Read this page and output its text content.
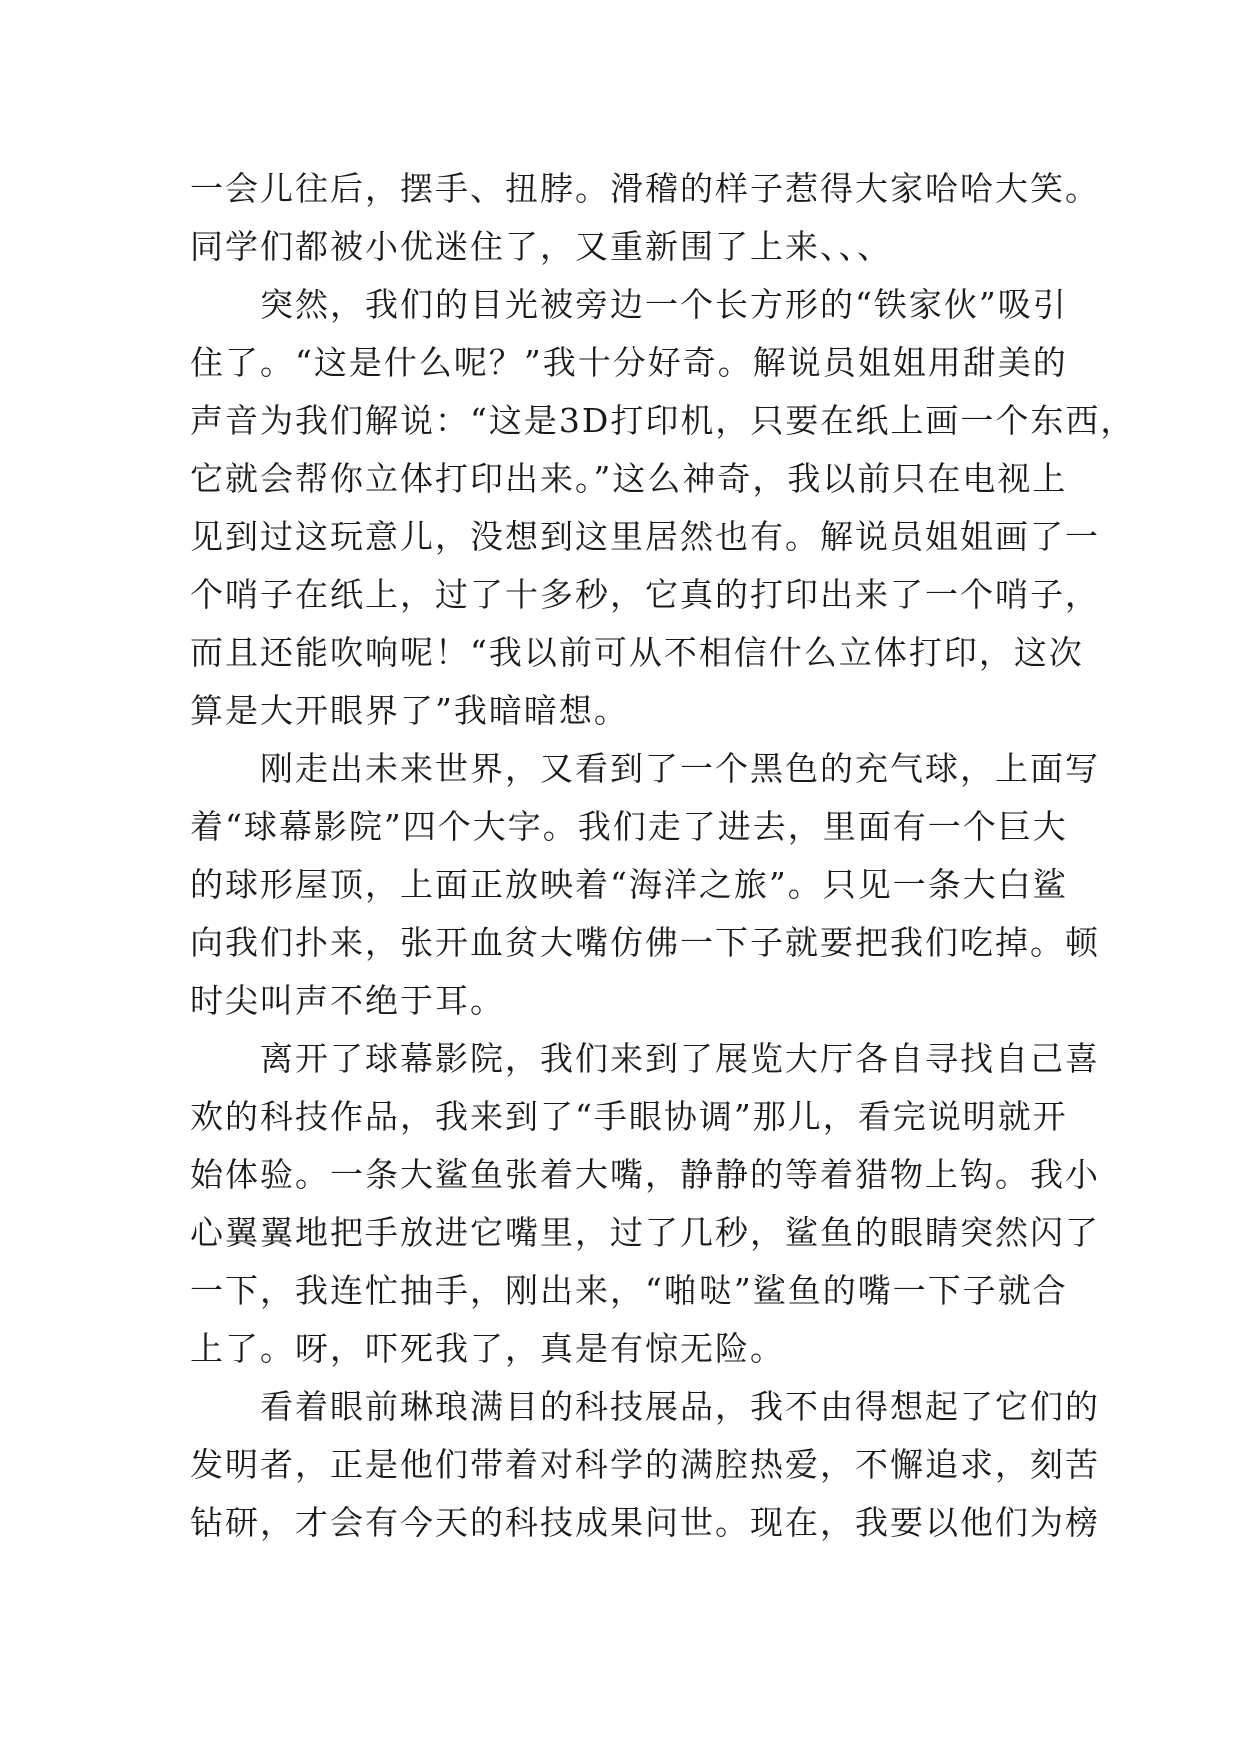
一会儿往后，摆手、扭脖。滑稽的样子惹得大家哈哈大笑。
同学们都被小优迷住了，又重新围了上来、、、
突然，我们的目光被旁边一个长方形的“铁家伙”吸引
住了。“这是什么呢？”我十分好奇。解说员姐姐用甜美的
声音为我们解说：“这是3D打印机，只要在纸上画一个东西，
它就会帮你立体打印出来。”这么神奇，我以前只在电视上
见到过这玩意儿，没想到这里居然也有。解说员姐姐画了一
个哨子在纸上，过了十多秒，它真的打印出来了一个哨子，
而且还能吹响呢！“我以前可从不相信什么立体打印，这次
算是大开眼界了”我暗暗想。
刚走出未来世界，又看到了一个黑色的充气球，上面写
着“球幕影院”四个大字。我们走了进去，里面有一个巨大
的球形屋顶，上面正放映着“海洋之旅”。只见一条大白鲨
向我们扑来，张开血贫大嘴仿佛一下子就要把我们吃掉。顿
时尖叫声不绝于耳。
离开了球幕影院，我们来到了展览大厅各自寻找自己喜
欢的科技作品，我来到了“手眼协调”那儿，看完说明就开
始体验。一条大鲨鱼张着大嘴，静静的等着猎物上钩。我小
心翼翼地把手放进它嘴里，过了几秒，鲨鱼的眼睛突然闪了
一下，我连忙抽手，刚出来，“啪哒”鲨鱼的嘴一下子就合
上了。呀，吓死我了，真是有惊无险。
看着眼前琳琅满目的科技展品，我不由得想起了它们的
发明者，正是他们带着对科学的满腔热爱，不懈追求，刻苦
钻研，才会有今天的科技成果问世。现在，我要以他们为榜
